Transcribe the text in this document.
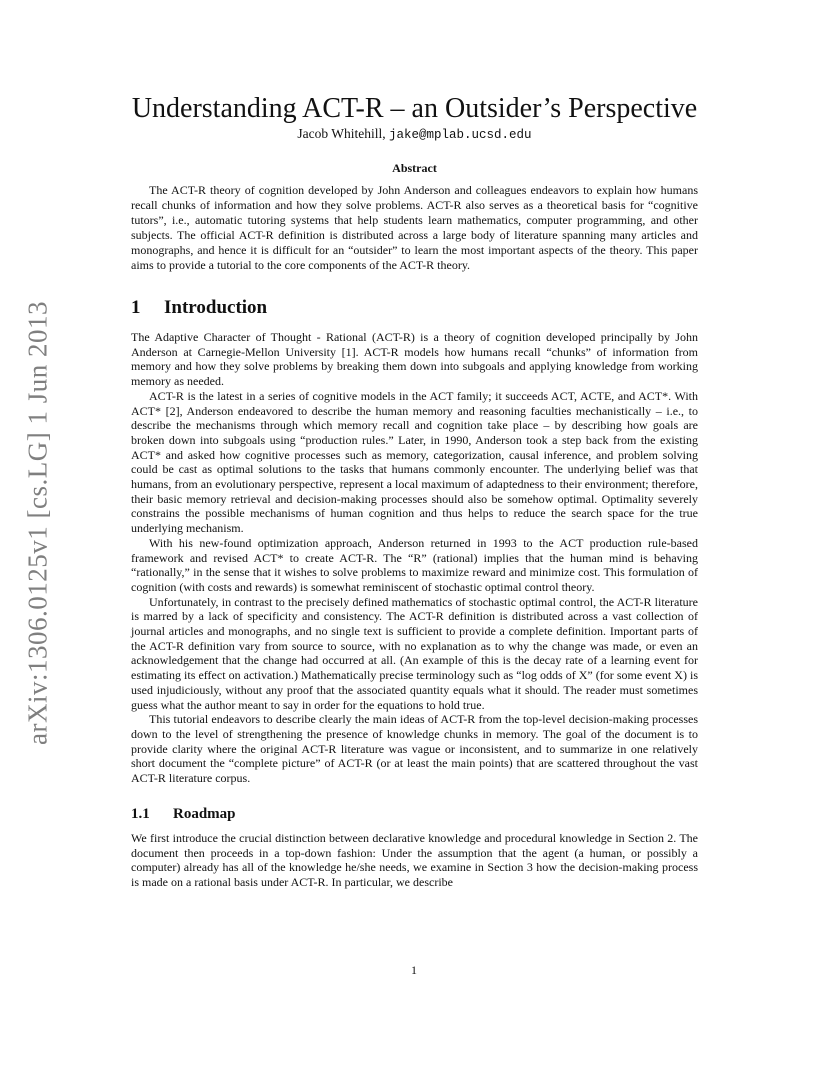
arXiv:1306.0125v1 [cs.LG] 1 Jun 2013
Understanding ACT-R – an Outsider’s Perspective
Jacob Whitehill, jake@mplab.ucsd.edu
Abstract
The ACT-R theory of cognition developed by John Anderson and colleagues endeavors to explain how humans recall chunks of information and how they solve problems. ACT-R also serves as a theoretical basis for “cognitive tutors”, i.e., automatic tutoring systems that help students learn mathematics, computer programming, and other subjects. The official ACT-R definition is distributed across a large body of literature spanning many articles and monographs, and hence it is difficult for an “outsider” to learn the most important aspects of the theory. This paper aims to provide a tutorial to the core components of the ACT-R theory.
1 Introduction

The Adaptive Character of Thought - Rational (ACT-R) is a theory of cognition developed principally by John Anderson at Carnegie-Mellon University [1]. ACT-R models how humans recall “chunks” of information from memory and how they solve problems by breaking them down into subgoals and applying knowledge from working memory as needed.

ACT-R is the latest in a series of cognitive models in the ACT family; it succeeds ACT, ACTE, and ACT*. With ACT* [2], Anderson endeavored to describe the human memory and reasoning faculties mechanistically – i.e., to describe the mechanisms through which memory recall and cognition take place – by describing how goals are broken down into subgoals using “production rules.” Later, in 1990, Anderson took a step back from the existing ACT* and asked how cognitive processes such as memory, categorization, causal inference, and problem solving could be cast as optimal solutions to the tasks that humans commonly encounter. The underlying belief was that humans, from an evolutionary perspective, represent a local maximum of adaptedness to their environment; therefore, their basic memory retrieval and decision-making processes should also be somehow optimal. Optimality severely constrains the possible mechanisms of human cognition and thus helps to reduce the search space for the true underlying mechanism.

With his new-found optimization approach, Anderson returned in 1993 to the ACT production rule-based framework and revised ACT* to create ACT-R. The “R” (rational) implies that the human mind is behaving “rationally,” in the sense that it wishes to solve problems to maximize reward and minimize cost. This formulation of cognition (with costs and rewards) is somewhat reminiscent of stochastic optimal control theory.

Unfortunately, in contrast to the precisely defined mathematics of stochastic optimal control, the ACT-R literature is marred by a lack of specificity and consistency. The ACT-R definition is distributed across a vast collection of journal articles and monographs, and no single text is sufficient to provide a complete definition. Important parts of the ACT-R definition vary from source to source, with no explanation as to why the change was made, or even an acknowledgement that the change had occurred at all. (An example of this is the decay rate of a learning event for estimating its effect on activation.) Mathematically precise terminology such as “log odds of X” (for some event X) is used injudiciously, without any proof that the associated quantity equals what it should. The reader must sometimes guess what the author meant to say in order for the equations to hold true.

This tutorial endeavors to describe clearly the main ideas of ACT-R from the top-level decision-making processes down to the level of strengthening the presence of knowledge chunks in memory. The goal of the document is to provide clarity where the original ACT-R literature was vague or inconsistent, and to summarize in one relatively short document the “complete picture” of ACT-R (or at least the main points) that are scattered throughout the vast ACT-R literature corpus.

1.1 Roadmap

We first introduce the crucial distinction between declarative knowledge and procedural knowledge in Section 2. The document then proceeds in a top-down fashion: Under the assumption that the agent (a human, or possibly a computer) already has all of the knowledge he/she needs, we examine in Section 3 how the decision-making process is made on a rational basis under ACT-R. In particular, we describe

1
